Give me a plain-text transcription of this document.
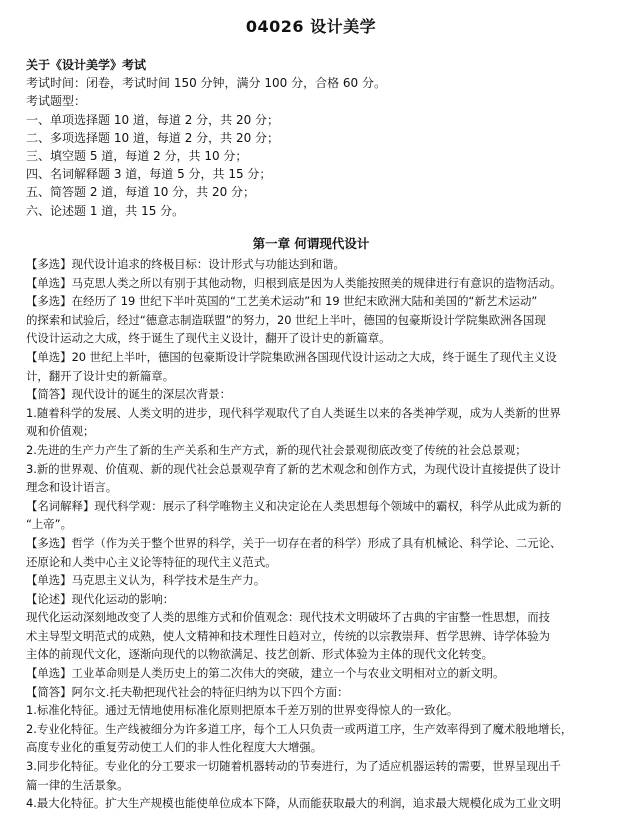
04026 设计美学
关于《设计美学》考试
考试时间：闭卷，考试时间 150 分钟，满分 100 分，合格 60 分。
考试题型：
一、单项选择题 10 道，每道 2 分，共 20 分；
二、多项选择题 10 道，每道 2 分，共 20 分；
三、填空题 5 道，每道 2 分，共 10 分；
四、名词解释题 3 道，每道 5 分，共 15 分；
五、简答题 2 道，每道 10 分，共 20 分；
六、论述题 1 道，共 15 分。
第一章 何谓现代设计
【多选】现代设计追求的终极目标：设计形式与功能达到和谐。
【单选】马克思人类之所以有别于其他动物，归根到底是因为人类能按照美的规律进行有意识的造物活动。
【多选】在经历了 19 世纪下半叶英国的“工艺美术运动”和 19 世纪末欧洲大陆和美国的“新艺术运动”
的探索和试验后，经过“德意志制造联盟”的努力，20 世纪上半叶，德国的包豪斯设计学院集欧洲各国现
代设计运动之大成，终于诞生了现代主义设计，翻开了设计史的新篇章。
【单选】20 世纪上半叶，德国的包豪斯设计学院集欧洲各国现代设计运动之大成，终于诞生了现代主义设
计，翻开了设计史的新篇章。
【简答】现代设计的诞生的深层次背景：
1.随着科学的发展、人类文明的进步，现代科学观取代了自人类诞生以来的各类神学观，成为人类新的世界
观和价值观；
2.先进的生产力产生了新的生产关系和生产方式，新的现代社会景观彻底改变了传统的社会总景观；
3.新的世界观、价值观、新的现代社会总景观孕育了新的艺术观念和创作方式，为现代设计直接提供了设计
理念和设计语言。
【名词解释】现代科学观：展示了科学唯物主义和决定论在人类思想每个领域中的霸权，科学从此成为新的
“上帝”。
【多选】哲学（作为关于整个世界的科学，关于一切存在者的科学）形成了具有机械论、科学论、二元论、
还原论和人类中心主义论等特征的现代主义范式。
【单选】马克思主义认为，科学技术是生产力。
【论述】现代化运动的影响：
现代化运动深刻地改变了人类的思维方式和价值观念：现代技术文明破坏了古典的宇宙整一性思想，而技
术主导型文明范式的成熟，使人文精神和技术理性日趋对立，传统的以宗教崇拜、哲学思辨、诗学体验为
主体的前现代文化，逐渐向现代的以物欲满足、技艺创新、形式体验为主体的现代文化转变。
【单选】工业革命则是人类历史上的第二次伟大的突破，建立一个与农业文明相对立的新文明。
【简答】阿尔文.托夫勒把现代社会的特征归纳为以下四个方面：
1.标准化特征。通过无情地使用标准化原则把原本千差万别的世界变得惊人的一致化。
2.专业化特征。生产线被细分为许多道工序，每个工人只负责一或两道工序，生产效率得到了魔术般地增长，
高度专业化的重复劳动使工人们的非人性化程度大大增强。
3.同步化特征。专业化的分工要求一切随着机器转动的节奏进行，为了适应机器运转的需要，世界呈现出千
篇一律的生活景象。
4.最大化特征。扩大生产规模也能使单位成本下降，从而能获取最大的利润，追求最大规模化成为工业文明
